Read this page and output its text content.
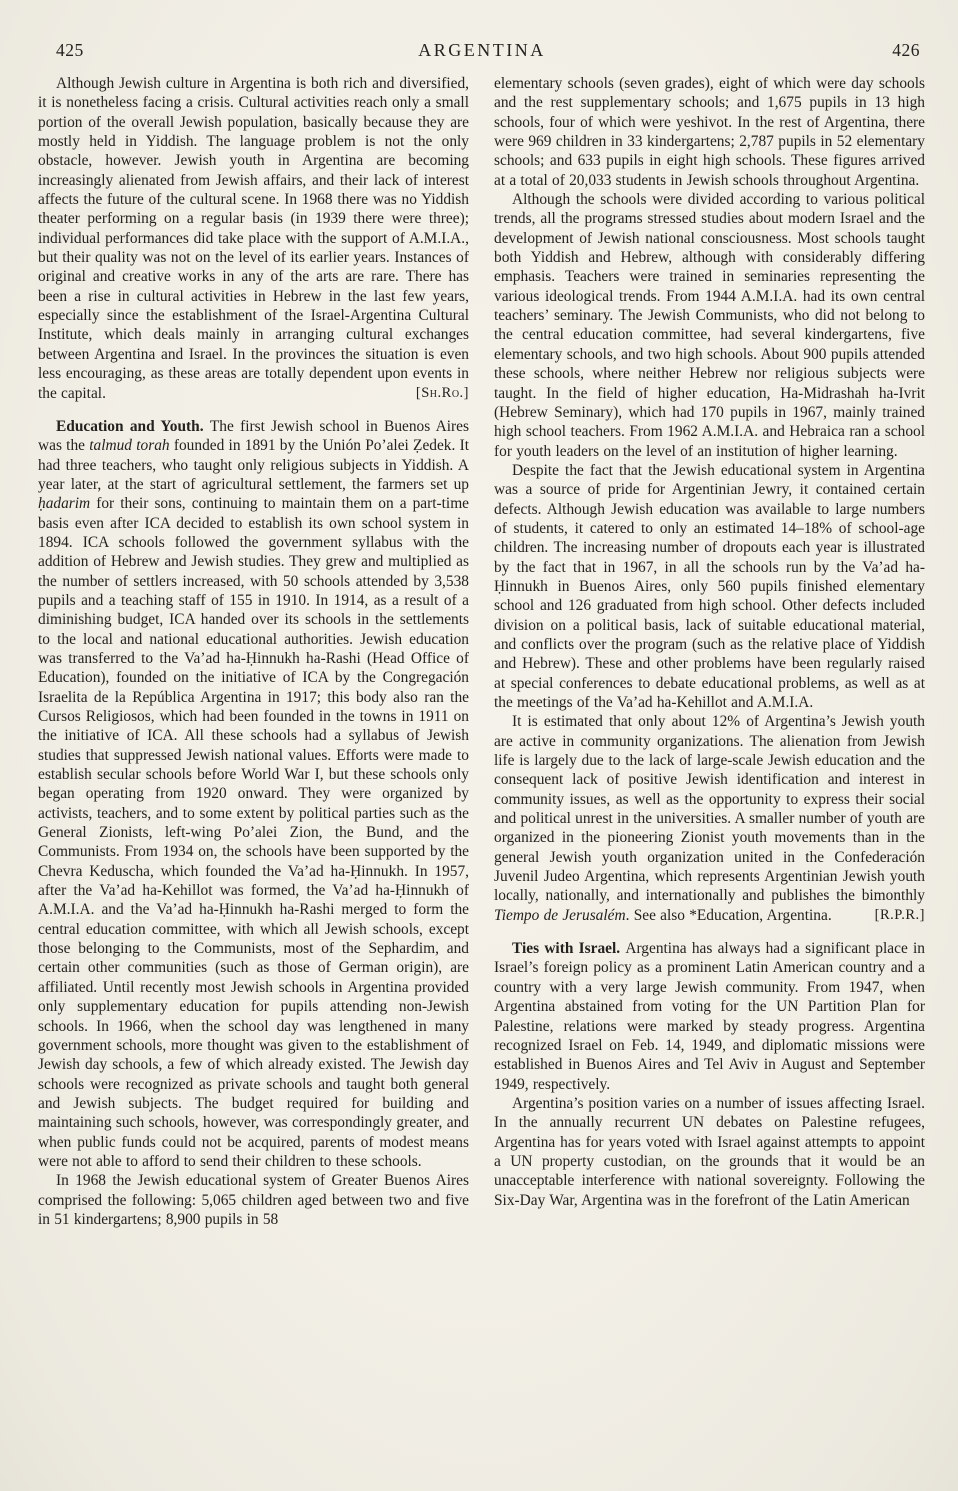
425	ARGENTINA	426

Although Jewish culture in Argentina is both rich and diversified, it is nonetheless facing a crisis. Cultural activities reach only a small portion of the overall Jewish population, basically because they are mostly held in Yiddish. The language problem is not the only obstacle, however. Jewish youth in Argentina are becoming increasingly alienated from Jewish affairs, and their lack of interest affects the future of the cultural scene. In 1968 there was no Yiddish theater performing on a regular basis (in 1939 there were three); individual performances did take place with the support of A.M.I.A., but their quality was not on the level of its earlier years. Instances of original and creative works in any of the arts are rare. There has been a rise in cultural activities in Hebrew in the last few years, especially since the establishment of the Israel-Argentina Cultural Institute, which deals mainly in arranging cultural exchanges between Argentina and Israel. In the provinces the situation is even less encouraging, as these areas are totally dependent upon events in the capital.	[Sh.Ro.]

Education and Youth. The first Jewish school in Buenos Aires was the talmud torah founded in 1891 by the Unión Po’alei Ẓedek. It had three teachers, who taught only religious subjects in Yiddish. A year later, at the start of agricultural settlement, the farmers set up ḥadarim for their sons, continuing to maintain them on a part-time basis even after ICA decided to establish its own school system in 1894. ICA schools followed the government syllabus with the addition of Hebrew and Jewish studies. They grew and multiplied as the number of settlers increased, with 50 schools attended by 3,538 pupils and a teaching staff of 155 in 1910. In 1914, as a result of a diminishing budget, ICA handed over its schools in the settlements to the local and national educational authorities. Jewish education was transferred to the Va’ad ha-Ḥinnukh ha-Rashi (Head Office of Education), founded on the initiative of ICA by the Congregación Israelita de la República Argentina in 1917; this body also ran the Cursos Religiosos, which had been founded in the towns in 1911 on the initiative of ICA. All these schools had a syllabus of Jewish studies that suppressed Jewish national values. Efforts were made to establish secular schools before World War I, but these schools only began operating from 1920 onward. They were organized by activists, teachers, and to some extent by political parties such as the General Zionists, left-wing Po’alei Zion, the Bund, and the Communists. From 1934 on, the schools have been supported by the Chevra Keduscha, which founded the Va’ad ha-Ḥinnukh. In 1957, after the Va’ad ha-Kehillot was formed, the Va’ad ha-Ḥinnukh of A.M.I.A. and the Va’ad ha-Ḥinnukh ha-Rashi merged to form the central education committee, with which all Jewish schools, except those belonging to the Communists, most of the Sephardim, and certain other communities (such as those of German origin), are affiliated. Until recently most Jewish schools in Argentina provided only supplementary education for pupils attending non-Jewish schools. In 1966, when the school day was lengthened in many government schools, more thought was given to the establishment of Jewish day schools, a few of which already existed. The Jewish day schools were recognized as private schools and taught both general and Jewish subjects. The budget required for building and maintaining such schools, however, was correspondingly greater, and when public funds could not be acquired, parents of modest means were not able to afford to send their children to these schools.

In 1968 the Jewish educational system of Greater Buenos Aires comprised the following: 5,065 children aged between two and five in 51 kindergartens; 8,900 pupils in 58

elementary schools (seven grades), eight of which were day schools and the rest supplementary schools; and 1,675 pupils in 13 high schools, four of which were yeshivot. In the rest of Argentina, there were 969 children in 33 kindergartens; 2,787 pupils in 52 elementary schools; and 633 pupils in eight high schools. These figures arrived at a total of 20,033 students in Jewish schools throughout Argentina.

Although the schools were divided according to various political trends, all the programs stressed studies about modern Israel and the development of Jewish national consciousness. Most schools taught both Yiddish and Hebrew, although with considerably differing emphasis. Teachers were trained in seminaries representing the various ideological trends. From 1944 A.M.I.A. had its own central teachers’ seminary. The Jewish Communists, who did not belong to the central education committee, had several kindergartens, five elementary schools, and two high schools. About 900 pupils attended these schools, where neither Hebrew nor religious subjects were taught. In the field of higher education, Ha-Midrashah ha-Ivrit (Hebrew Seminary), which had 170 pupils in 1967, mainly trained high school teachers. From 1962 A.M.I.A. and Hebraica ran a school for youth leaders on the level of an institution of higher learning.

Despite the fact that the Jewish educational system in Argentina was a source of pride for Argentinian Jewry, it contained certain defects. Although Jewish education was available to large numbers of students, it catered to only an estimated 14–18% of school-age children. The increasing number of dropouts each year is illustrated by the fact that in 1967, in all the schools run by the Va’ad ha-Ḥinnukh in Buenos Aires, only 560 pupils finished elementary school and 126 graduated from high school. Other defects included division on a political basis, lack of suitable educational material, and conflicts over the program (such as the relative place of Yiddish and Hebrew). These and other problems have been regularly raised at special conferences to debate educational problems, as well as at the meetings of the Va’ad ha-Kehillot and A.M.I.A.

It is estimated that only about 12% of Argentina’s Jewish youth are active in community organizations. The alienation from Jewish life is largely due to the lack of large-scale Jewish education and the consequent lack of positive Jewish identification and interest in community issues, as well as the opportunity to express their social and political unrest in the universities. A smaller number of youth are organized in the pioneering Zionist youth movements than in the general Jewish youth organization united in the Confederación Juvenil Judeo Argentina, which represents Argentinian Jewish youth locally, nationally, and internationally and publishes the bimonthly Tiempo de Jerusalém. See also *Education, Argentina.	[R.P.R.]

Ties with Israel. Argentina has always had a significant place in Israel’s foreign policy as a prominent Latin American country and a country with a very large Jewish community. From 1947, when Argentina abstained from voting for the UN Partition Plan for Palestine, relations were marked by steady progress. Argentina recognized Israel on Feb. 14, 1949, and diplomatic missions were established in Buenos Aires and Tel Aviv in August and September 1949, respectively.

Argentina’s position varies on a number of issues affecting Israel. In the annually recurrent UN debates on Palestine refugees, Argentina has for years voted with Israel against attempts to appoint a UN property custodian, on the grounds that it would be an unacceptable interference with national sovereignty. Following the Six-Day War, Argentina was in the forefront of the Latin American
